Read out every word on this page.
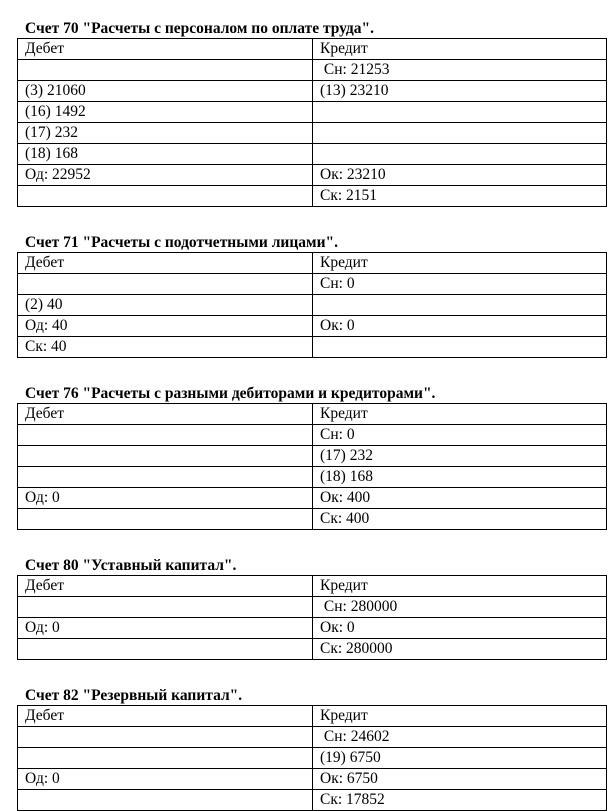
Счет 70 "Расчеты с персоналом по оплате труда".
Дебет	Кредит
	Сн: 21253
(3) 21060	(13) 23210
(16) 1492	
(17) 232	
(18) 168	
Од: 22952	Ок: 23210
	Ск: 2151
Счет 71 "Расчеты с подотчетными лицами".
Дебет	Кредит
	Сн: 0
(2) 40	
Од: 40	Ок: 0
Ск: 40	
Счет 76 "Расчеты с разными дебиторами и кредиторами".
Дебет	Кредит
	Сн: 0
	(17) 232
	(18) 168
Од: 0	Ок: 400
	Ск: 400
Счет 80 "Уставный капитал".
Дебет	Кредит
	Сн: 280000
Од: 0	Ок: 0
	Ск: 280000
Счет 82 "Резервный капитал".
Дебет	Кредит
	Сн: 24602
	(19) 6750
Од: 0	Ок: 6750
	Ск: 17852
